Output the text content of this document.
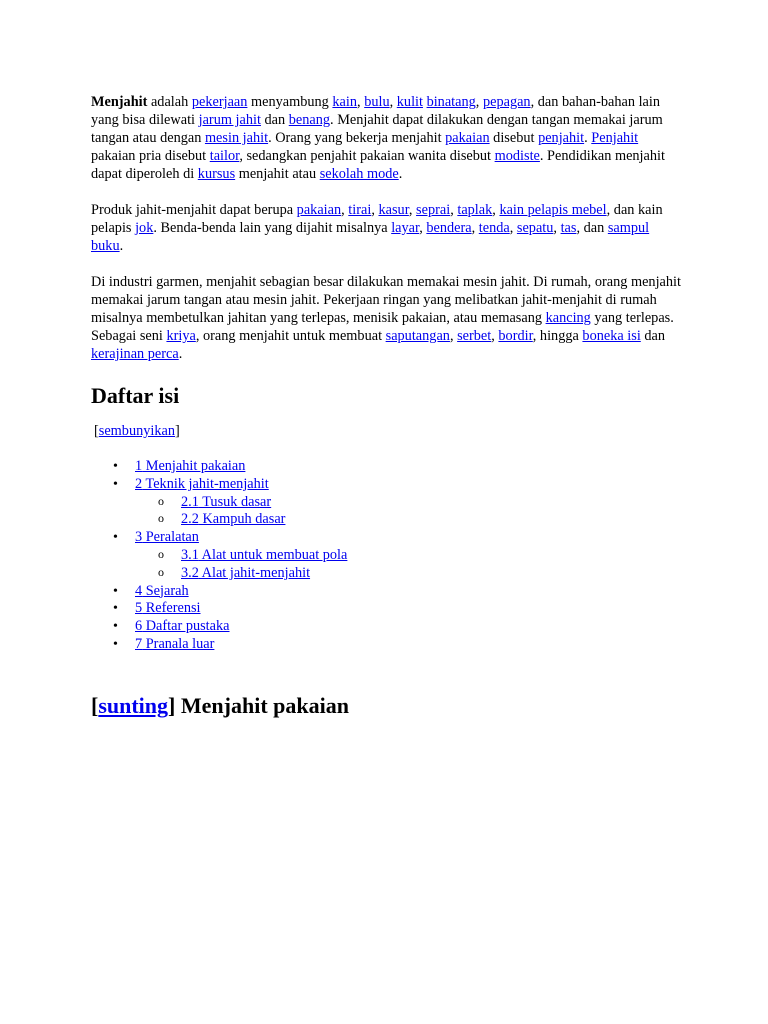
Menjahit adalah pekerjaan menyambung kain, bulu, kulit binatang, pepagan, dan bahan-bahan lain yang bisa dilewati jarum jahit dan benang. Menjahit dapat dilakukan dengan tangan memakai jarum tangan atau dengan mesin jahit. Orang yang bekerja menjahit pakaian disebut penjahit. Penjahit pakaian pria disebut tailor, sedangkan penjahit pakaian wanita disebut modiste. Pendidikan menjahit dapat diperoleh di kursus menjahit atau sekolah mode.

Produk jahit-menjahit dapat berupa pakaian, tirai, kasur, seprai, taplak, kain pelapis mebel, dan kain pelapis jok. Benda-benda lain yang dijahit misalnya layar, bendera, tenda, sepatu, tas, dan sampul buku.

Di industri garmen, menjahit sebagian besar dilakukan memakai mesin jahit. Di rumah, orang menjahit memakai jarum tangan atau mesin jahit. Pekerjaan ringan yang melibatkan jahit-menjahit di rumah misalnya membetulkan jahitan yang terlepas, menisik pakaian, atau memasang kancing yang terlepas. Sebagai seni kriya, orang menjahit untuk membuat saputangan, serbet, bordir, hingga boneka isi dan kerajinan perca.

Daftar isi
[sembunyikan]
• 1 Menjahit pakaian
• 2 Teknik jahit-menjahit
o 2.1 Tusuk dasar
o 2.2 Kampuh dasar
• 3 Peralatan
o 3.1 Alat untuk membuat pola
o 3.2 Alat jahit-menjahit
• 4 Sejarah
• 5 Referensi
• 6 Daftar pustaka
• 7 Pranala luar
[sunting] Menjahit pakaian
